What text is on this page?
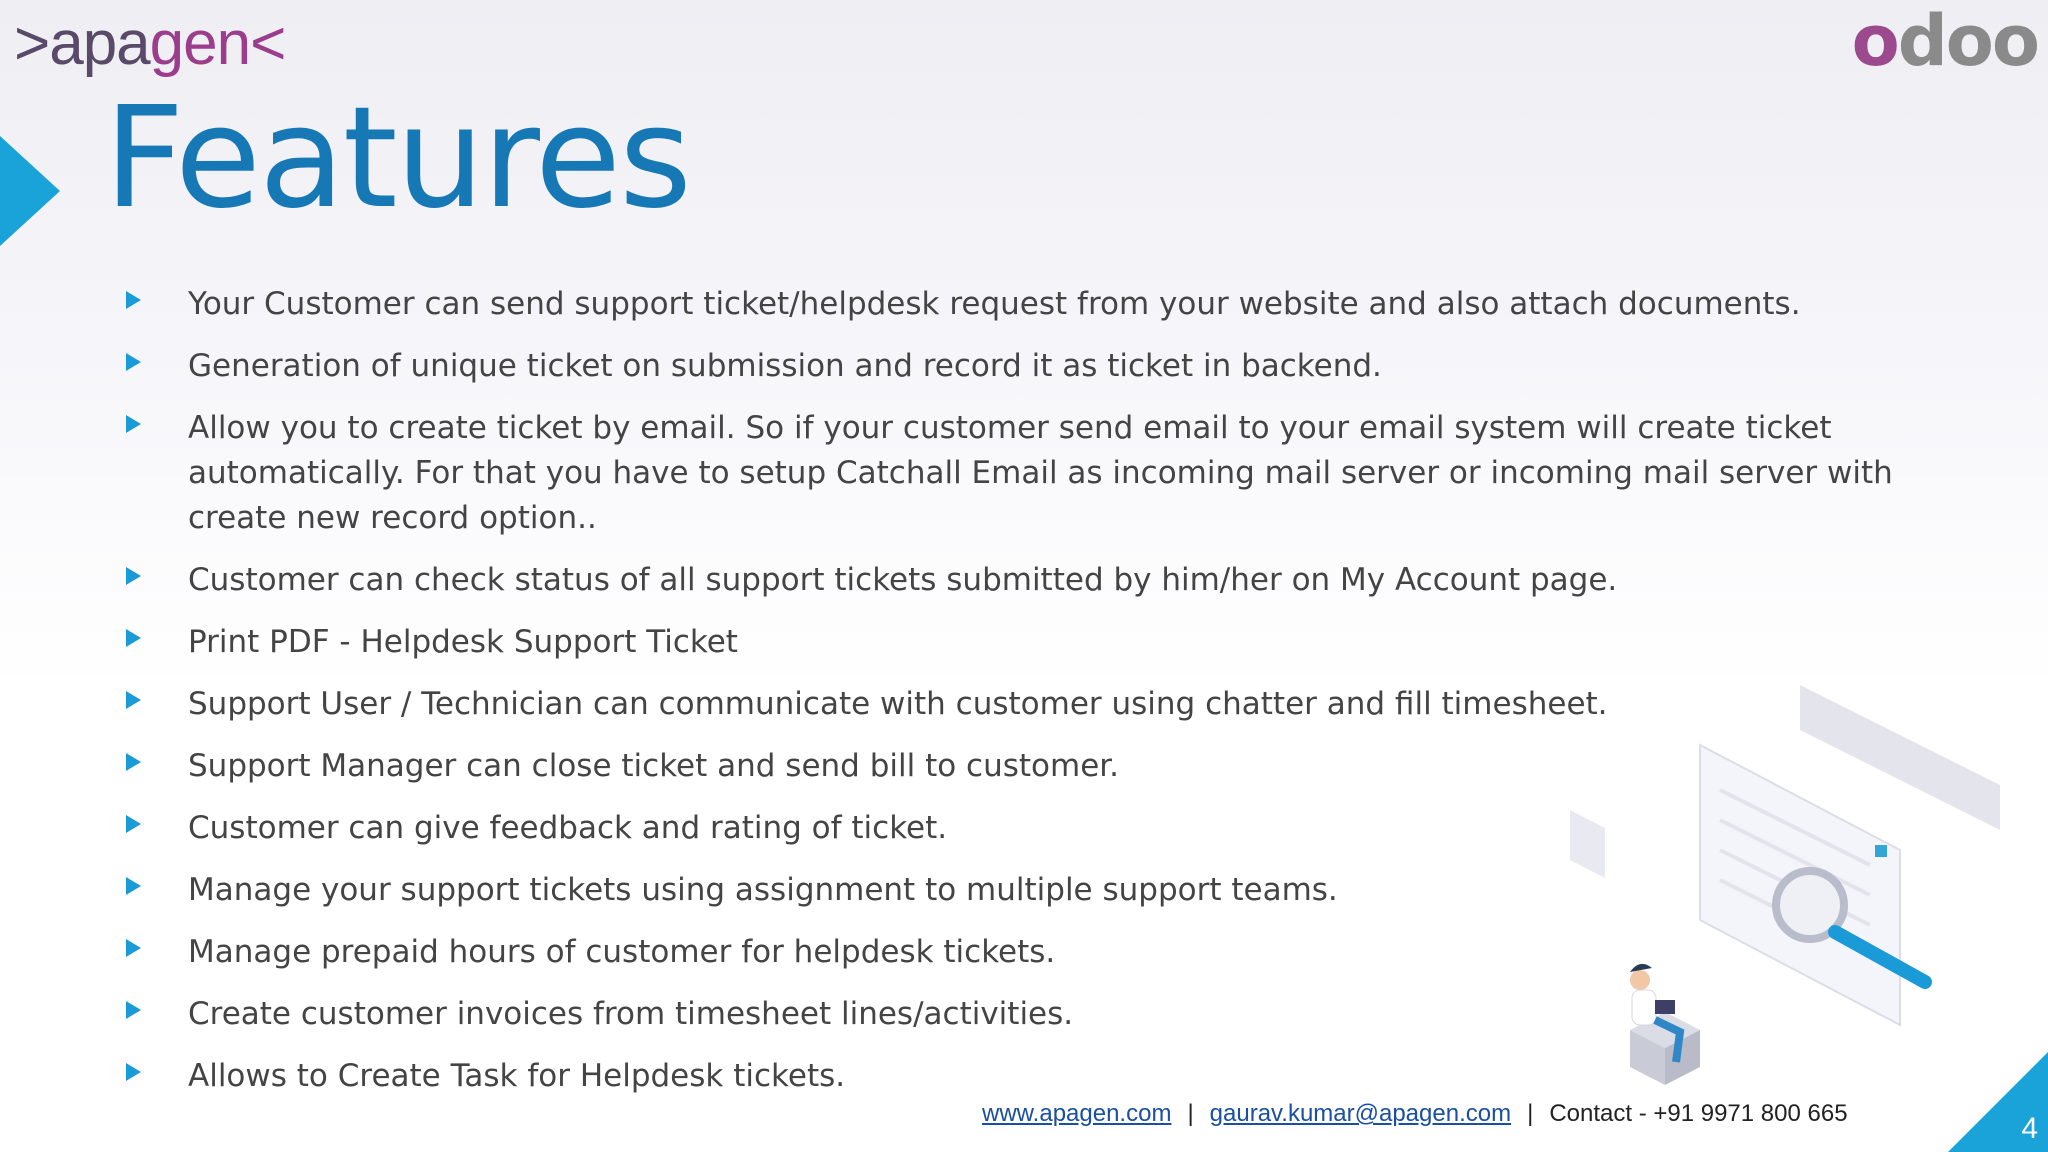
>apagen<	odoo
Features
Your Customer can send support ticket/helpdesk request from your website and also attach documents.
Generation of unique ticket on submission and record it as ticket in backend.
Allow you to create ticket by email. So if your customer send email to your email system will create ticket automatically. For that you have to setup Catchall Email as incoming mail server or incoming mail server with create new record option..
Customer can check status of all support tickets submitted by him/her on My Account page.
Print PDF - Helpdesk Support Ticket
Support User / Technician can communicate with customer using chatter and fill timesheet.
Support Manager can close ticket and send bill to customer.
Customer can give feedback and rating of ticket.
Manage your support tickets using assignment to multiple support teams.
Manage prepaid hours of customer for helpdesk tickets.
Create customer invoices from timesheet lines/activities.
Allows to Create Task for Helpdesk tickets.
www.apagen.com | gaurav.kumar@apagen.com | Contact - +91 9971 800 665	4
